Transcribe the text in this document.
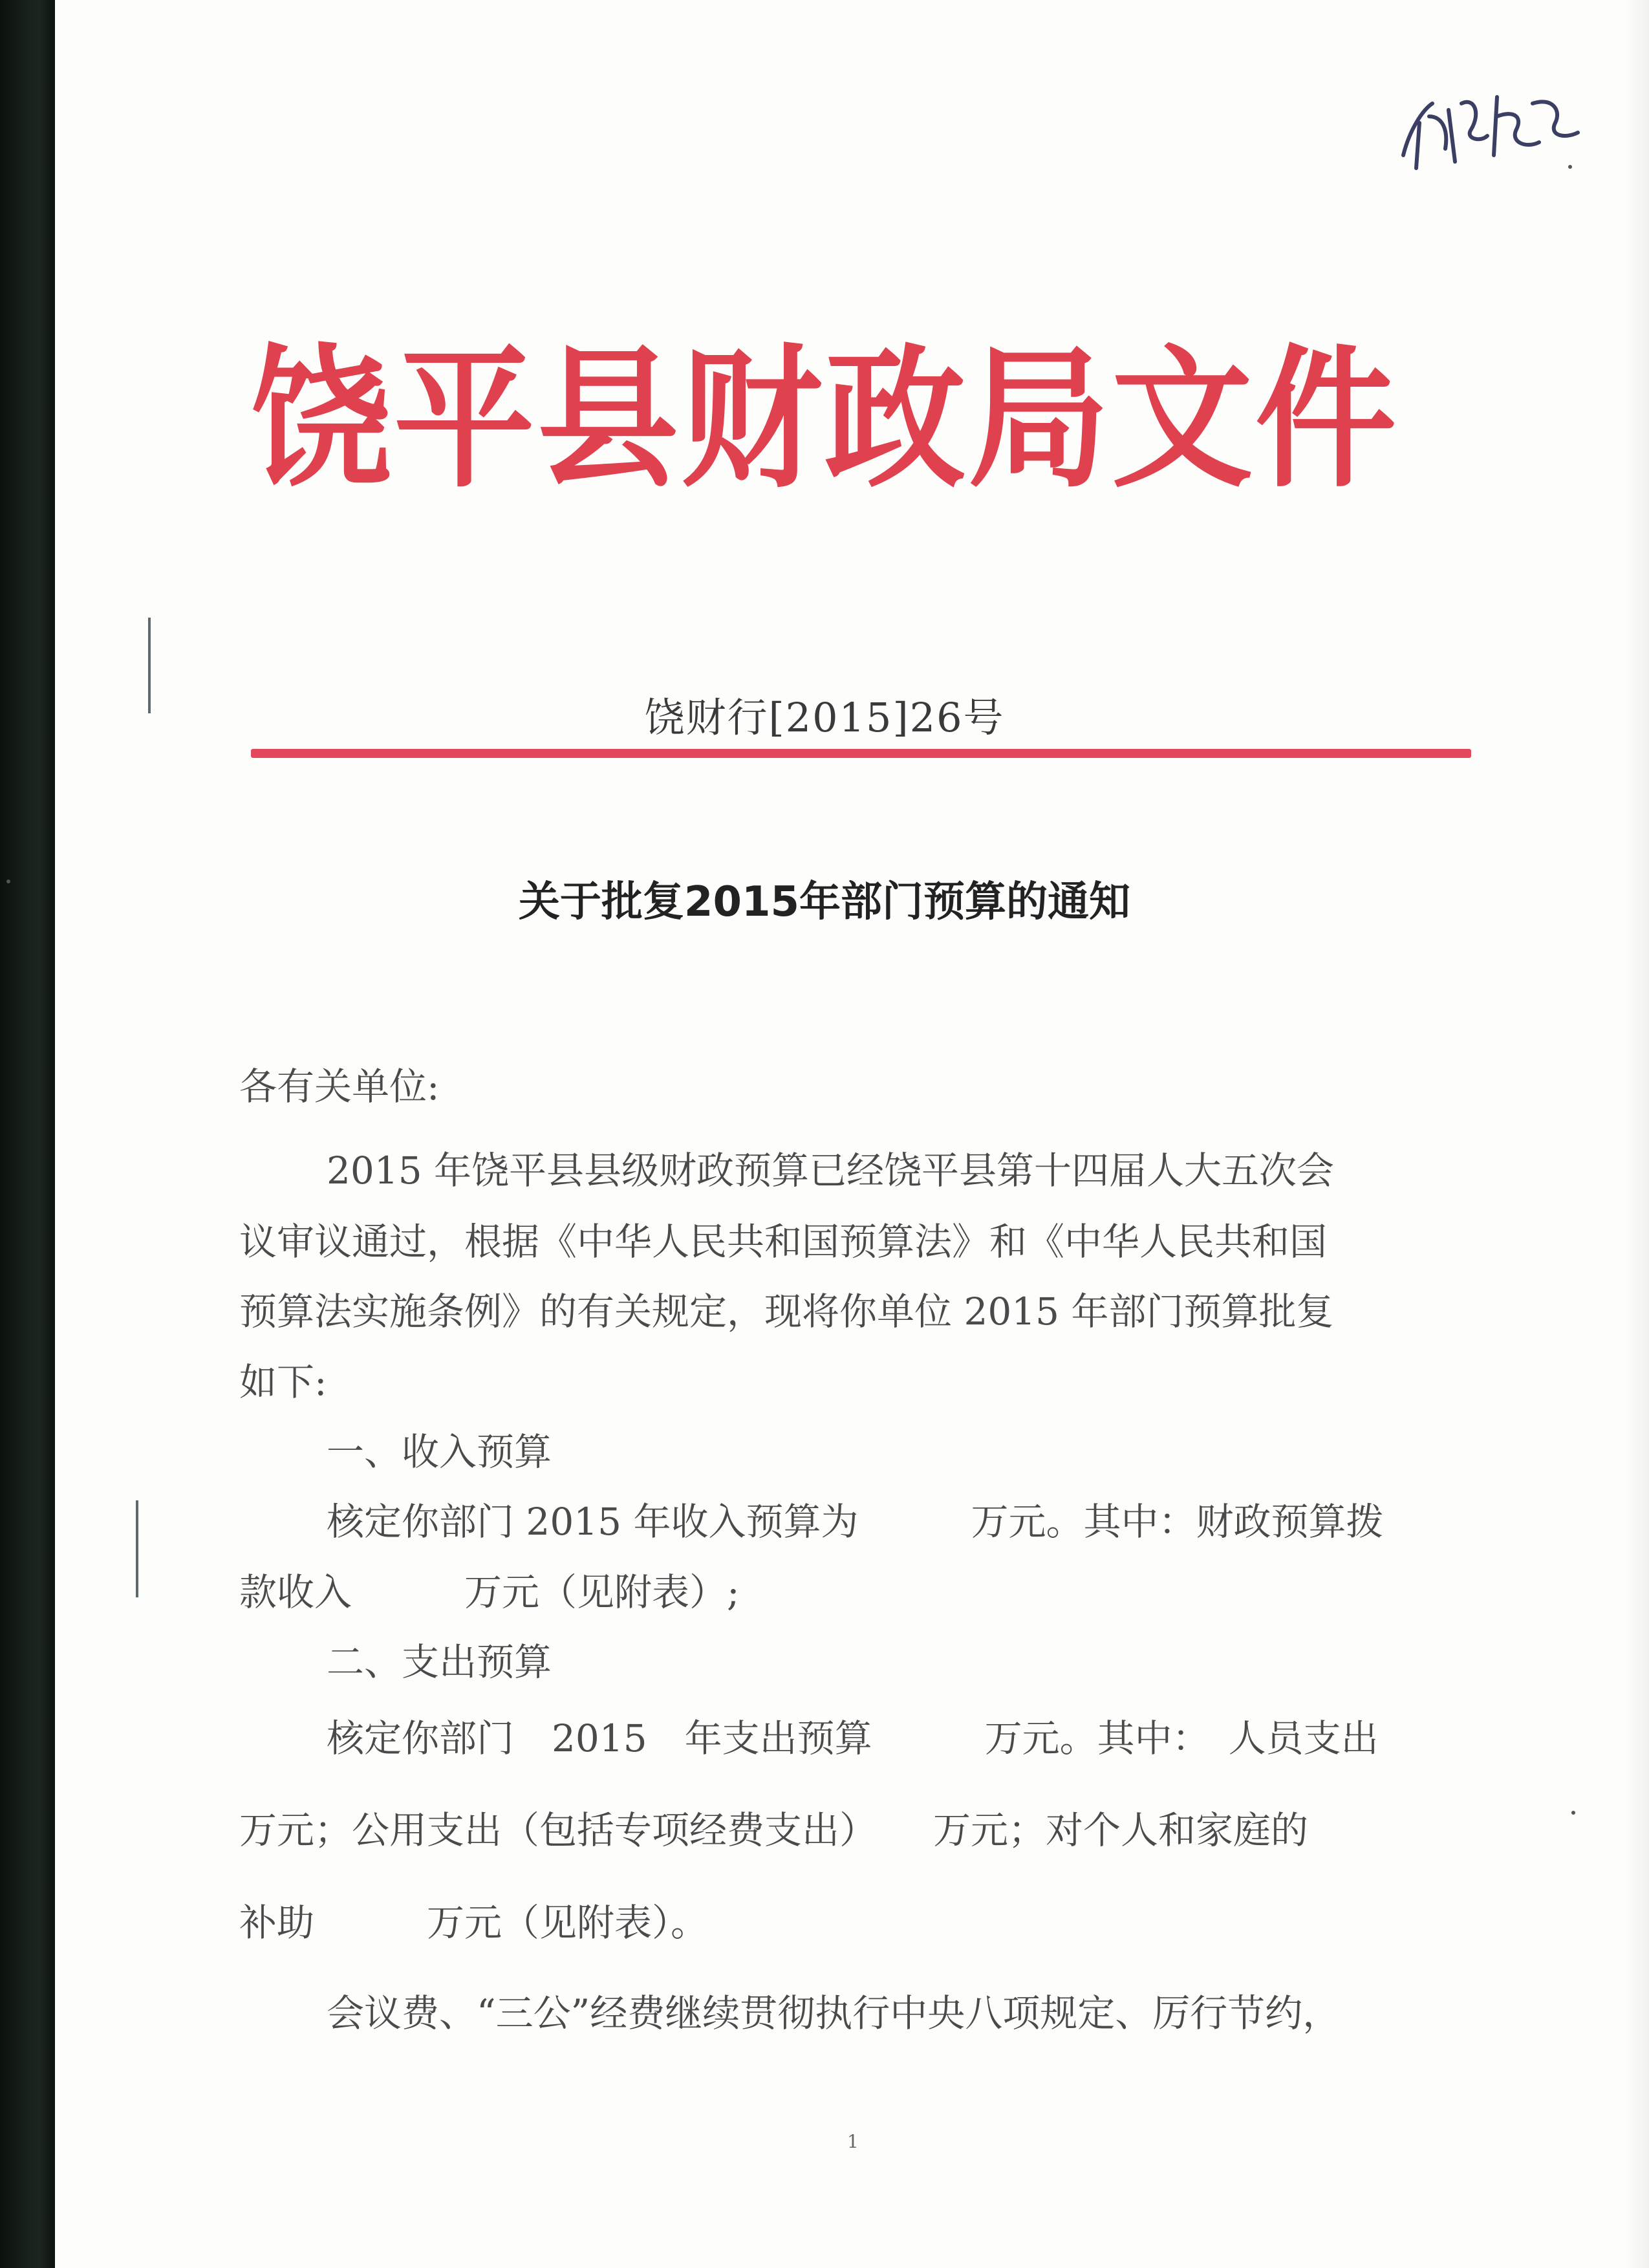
饶平县财政局文件
饶财行[2015]26号
关于批复2015年部门预算的通知
各有关单位:
2015 年饶平县县级财政预算已经饶平县第十四届人大五次会
议审议通过，根据《中华人民共和国预算法》和《中华人民共和国
预算法实施条例》的有关规定，现将你单位 2015 年部门预算批复
如下:
一、收入预算
核定你部门 2015 年收入预算为　　　万元。其中：财政预算拨
款收入　　　万元（见附表）;
二、支出预算
核定你部门　2015　年支出预算　　　万元。其中：　人员支出
万元；公用支出（包括专项经费支出）　　万元；对个人和家庭的
补助　　　万元（见附表）。
会议费、“三公”经费继续贯彻执行中央八项规定、厉行节约，
1
